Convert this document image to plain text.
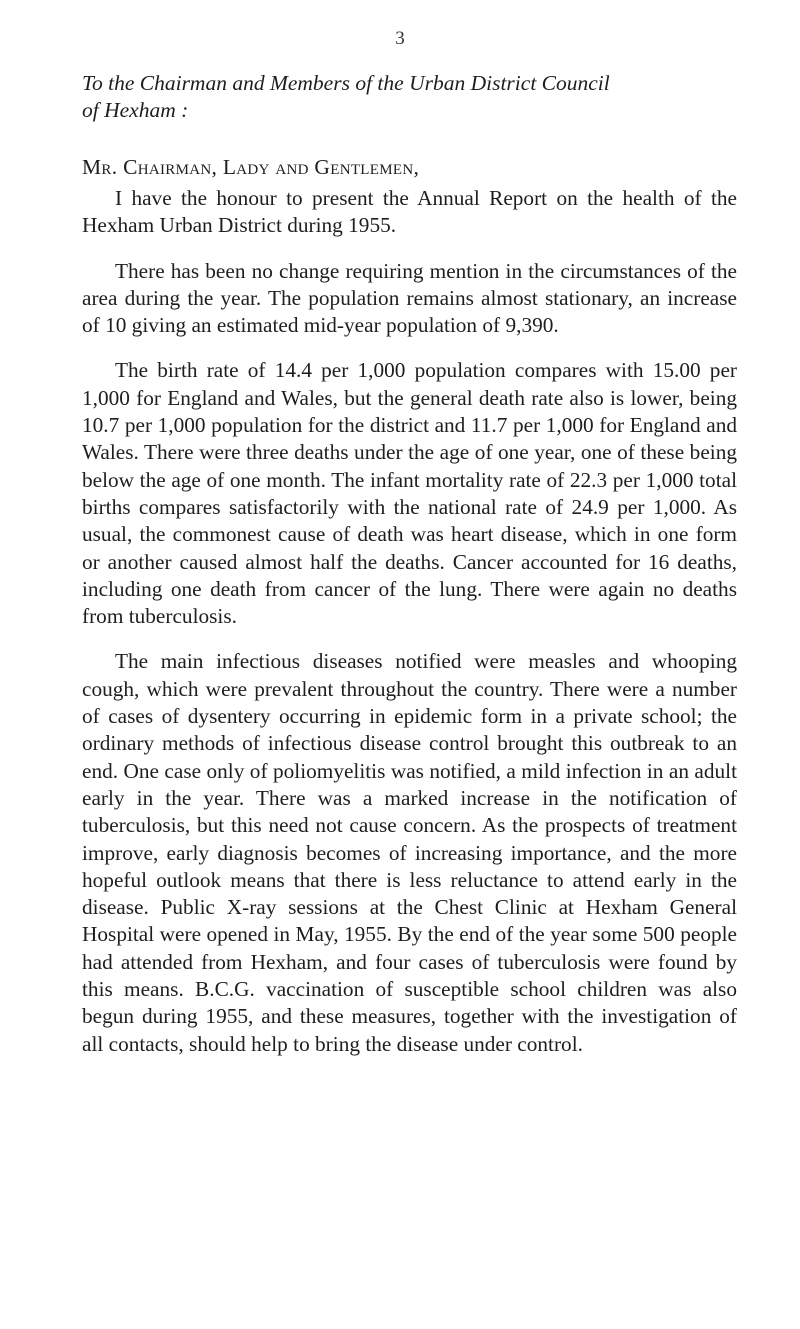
3

To the Chairman and Members of the Urban District Council

of Hexham :

Mr. Chairman, Lady and Gentlemen,

I have the honour to present the Annual Report on the health of the Hexham Urban District during 1955.

There has been no change requiring mention in the circumstances of the area during the year. The population remains almost stationary, an increase of 10 giving an estimated mid-year population of 9,390.

The birth rate of 14.4 per 1,000 population compares with 15.00 per 1,000 for England and Wales, but the general death rate also is lower, being 10.7 per 1,000 population for the district and 11.7 per 1,000 for England and Wales. There were three deaths under the age of one year, one of these being below the age of one month. The infant mortality rate of 22.3 per 1,000 total births compares satisfactorily with the national rate of 24.9 per 1,000. As usual, the commonest cause of death was heart disease, which in one form or another caused almost half the deaths. Cancer accounted for 16 deaths, including one death from cancer of the lung. There were again no deaths from tuberculosis.

The main infectious diseases notified were measles and whooping cough, which were prevalent throughout the country. There were a number of cases of dysentery occurring in epidemic form in a private school; the ordinary methods of infectious disease control brought this outbreak to an end. One case only of poliomyelitis was notified, a mild infection in an adult early in the year. There was a marked increase in the notification of tuberculosis, but this need not cause concern. As the prospects of treatment improve, early diagnosis becomes of increasing importance, and the more hopeful outlook means that there is less reluctance to attend early in the disease. Public X-ray sessions at the Chest Clinic at Hexham General Hospital were opened in May, 1955. By the end of the year some 500 people had attended from Hexham, and four cases of tuberculosis were found by this means. B.C.G. vaccination of susceptible school children was also begun during 1955, and these measures, together with the investigation of all contacts, should help to bring the disease under control.
